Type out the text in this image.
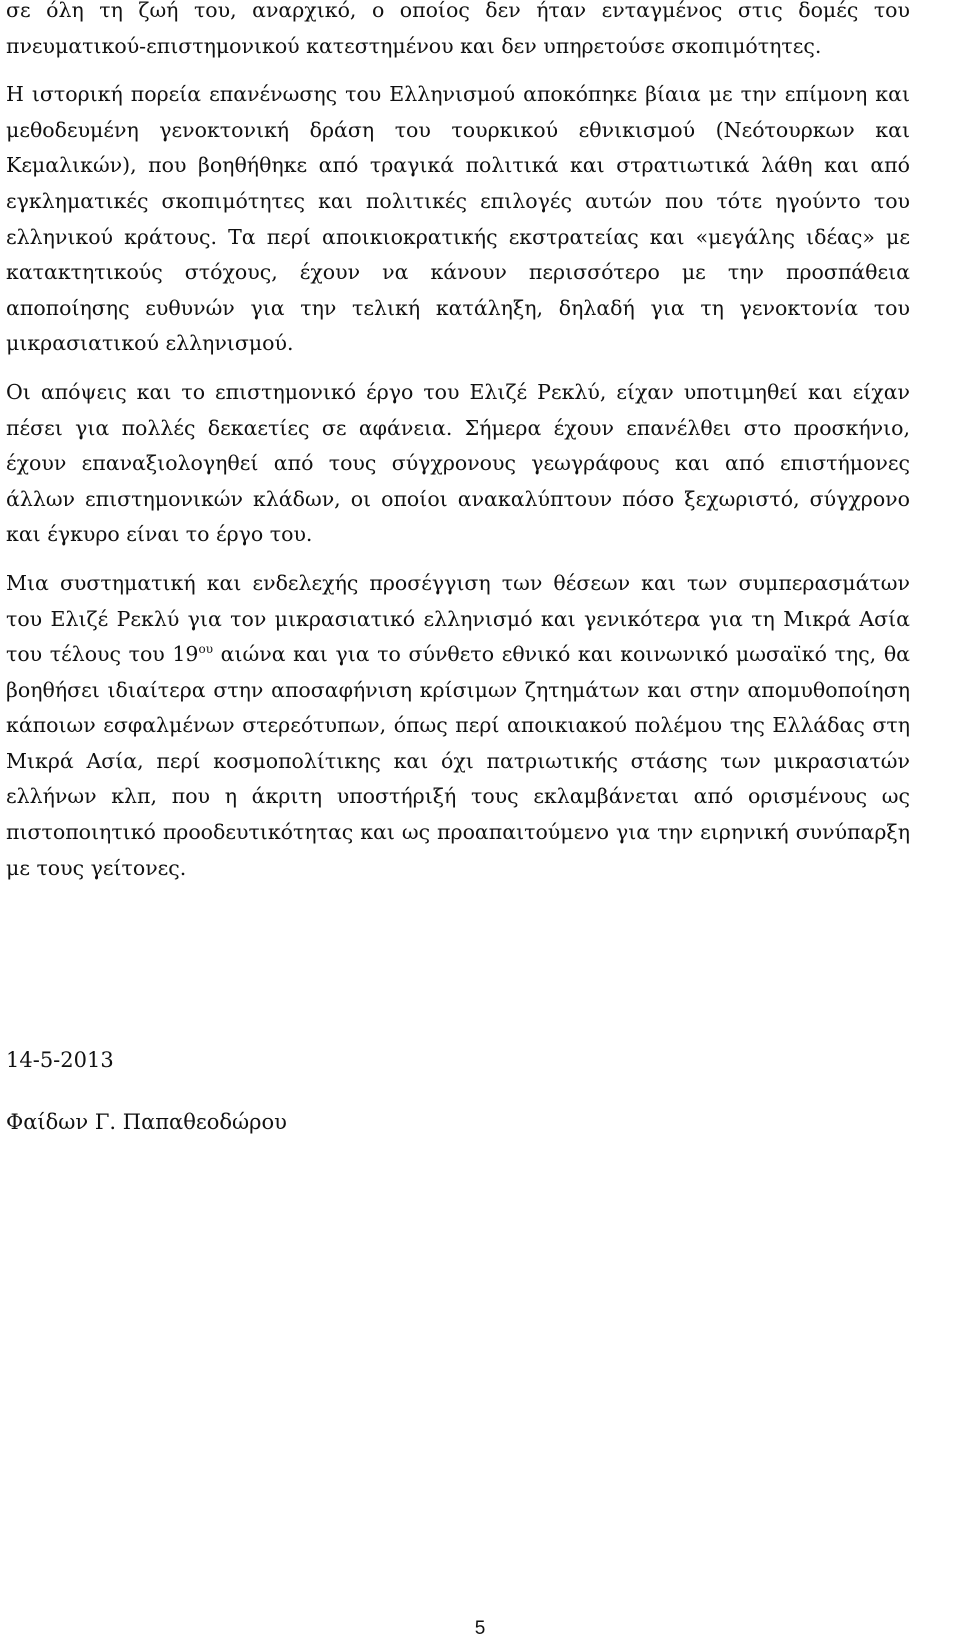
σε όλη τη ζωή του, αναρχικό, ο οποίος δεν ήταν ενταγμένος στις δομές του πνευματικού-επιστημονικού κατεστημένου και δεν υπηρετούσε σκοπιμότητες.

Η ιστορική πορεία επανένωσης του Ελληνισμού αποκόπηκε βίαια με την επίμονη και μεθοδευμένη γενοκτονική δράση του τουρκικού εθνικισμού (Νεότουρκων και Κεμαλικών), που βοηθήθηκε από τραγικά πολιτικά και στρατιωτικά λάθη και από εγκληματικές σκοπιμότητες και πολιτικές επιλογές αυτών που τότε ηγούντο του ελληνικού κράτους. Τα περί αποικιοκρατικής εκστρατείας και «μεγάλης ιδέας» με κατακτητικούς στόχους, έχουν να κάνουν περισσότερο με την προσπάθεια αποποίησης ευθυνών για την τελική κατάληξη, δηλαδή για τη γενοκτονία του μικρασιατικού ελληνισμού.

Οι απόψεις και το επιστημονικό έργο του Ελιζέ Ρεκλύ, είχαν υποτιμηθεί και είχαν πέσει για πολλές δεκαετίες σε αφάνεια. Σήμερα έχουν επανέλθει στο προσκήνιο, έχουν επαναξιολογηθεί από τους σύγχρονους γεωγράφους και από επιστήμονες άλλων επιστημονικών κλάδων, οι οποίοι ανακαλύπτουν πόσο ξεχωριστό, σύγχρονο και έγκυρο είναι το έργο του.

Μια συστηματική και ενδελεχής προσέγγιση των θέσεων και των συμπερασμάτων του Ελιζέ Ρεκλύ για τον μικρασιατικό ελληνισμό και γενικότερα για τη Μικρά Ασία του τέλους του $19^{o\upsilon}$ αιώνα και για το σύνθετο εθνικό και κοινωνικό μωσαϊκό της, θα βοηθήσει ιδιαίτερα στην αποσαφήνιση κρίσιμων ζητημάτων και στην απομυθοποίηση κάποιων εσφαλμένων στερεότυπων, όπως περί αποικιακού πολέμου της Ελλάδας στη Μικρά Ασία, περί κοσμοπολίτικης και όχι πατριωτικής στάσης των μικρασιατών ελλήνων κλπ, που η άκριτη υποστήριξή τους εκλαμβάνεται από ορισμένους ως πιστοποιητικό προοδευτικότητας και ως προαπαιτούμενο για την ειρηνική συνύπαρξη με τους γείτονες.

14-5-2013

Φαίδων Γ. Παπαθεοδώρου

5
